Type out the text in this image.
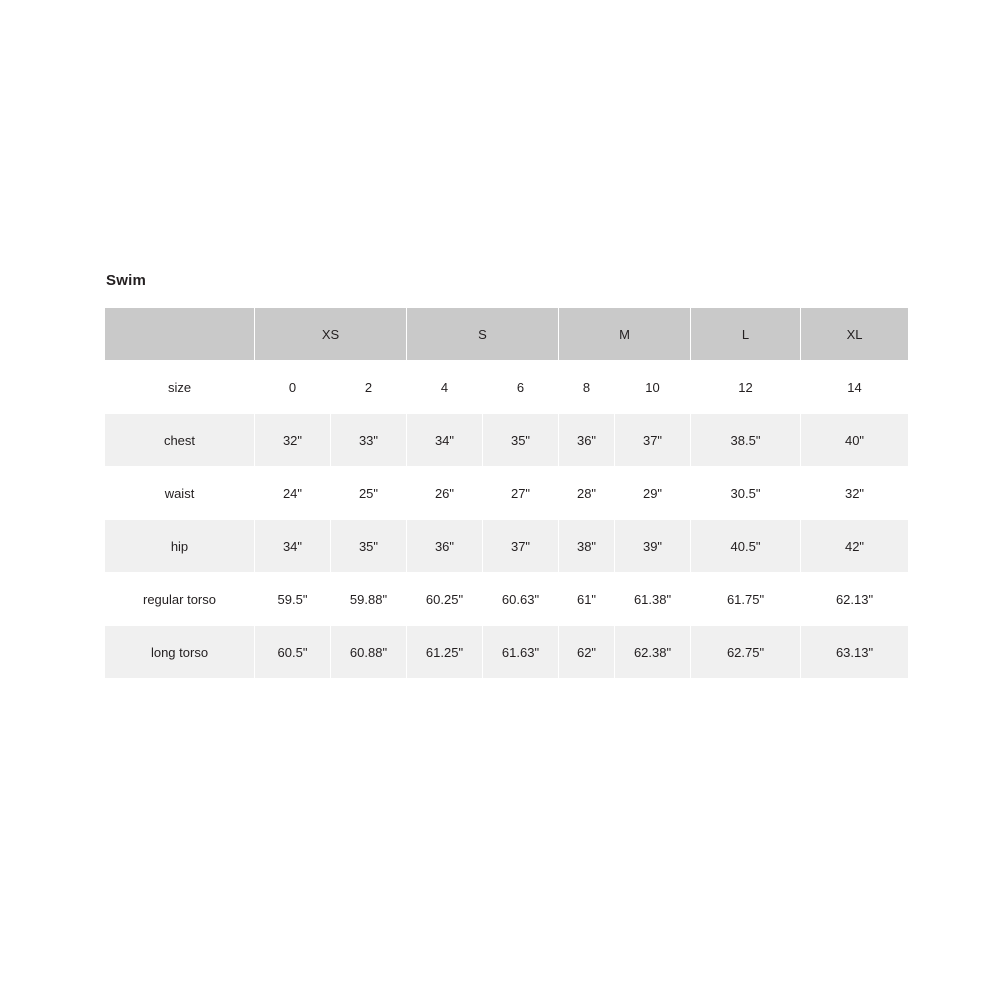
Swim
	XS		S		M		L	XL
size	0	2	4	6	8	10	12	14
chest	32"	33"	34"	35"	36"	37"	38.5"	40"
waist	24"	25"	26"	27"	28"	29"	30.5"	32"
hip	34"	35"	36"	37"	38"	39"	40.5"	42"
regular torso	59.5"	59.88"	60.25"	60.63"	61"	61.38"	61.75"	62.13"
long torso	60.5"	60.88"	61.25"	61.63"	62"	62.38"	62.75"	63.13"
